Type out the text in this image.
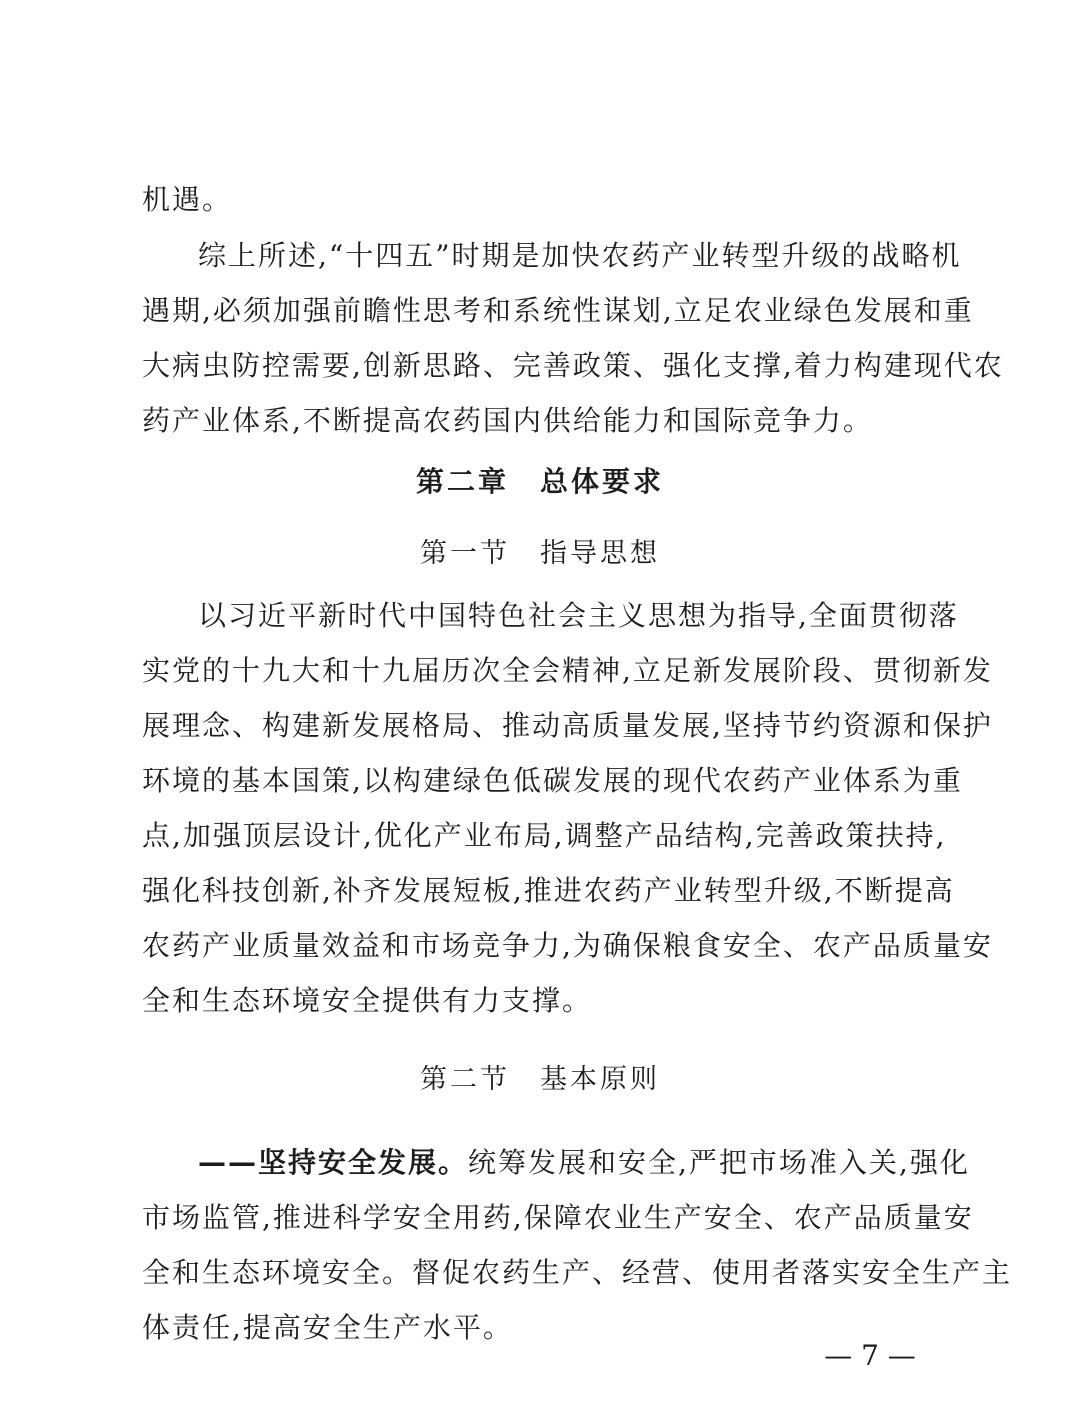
机遇。
综上所述,“十四五”时期是加快农药产业转型升级的战略机
遇期,必须加强前瞻性思考和系统性谋划,立足农业绿色发展和重
大病虫防控需要,创新思路、完善政策、强化支撑,着力构建现代农
药产业体系,不断提高农药国内供给能力和国际竞争力。
第二章　总体要求
第一节　指导思想
以习近平新时代中国特色社会主义思想为指导,全面贯彻落
实党的十九大和十九届历次全会精神,立足新发展阶段、贯彻新发
展理念、构建新发展格局、推动高质量发展,坚持节约资源和保护
环境的基本国策,以构建绿色低碳发展的现代农药产业体系为重
点,加强顶层设计,优化产业布局,调整产品结构,完善政策扶持,
强化科技创新,补齐发展短板,推进农药产业转型升级,不断提高
农药产业质量效益和市场竞争力,为确保粮食安全、农产品质量安
全和生态环境安全提供有力支撑。
第二节　基本原则
——坚持安全发展。统筹发展和安全,严把市场准入关,强化
市场监管,推进科学安全用药,保障农业生产安全、农产品质量安
全和生态环境安全。督促农药生产、经营、使用者落实安全生产主
体责任,提高安全生产水平。
— 7 —
